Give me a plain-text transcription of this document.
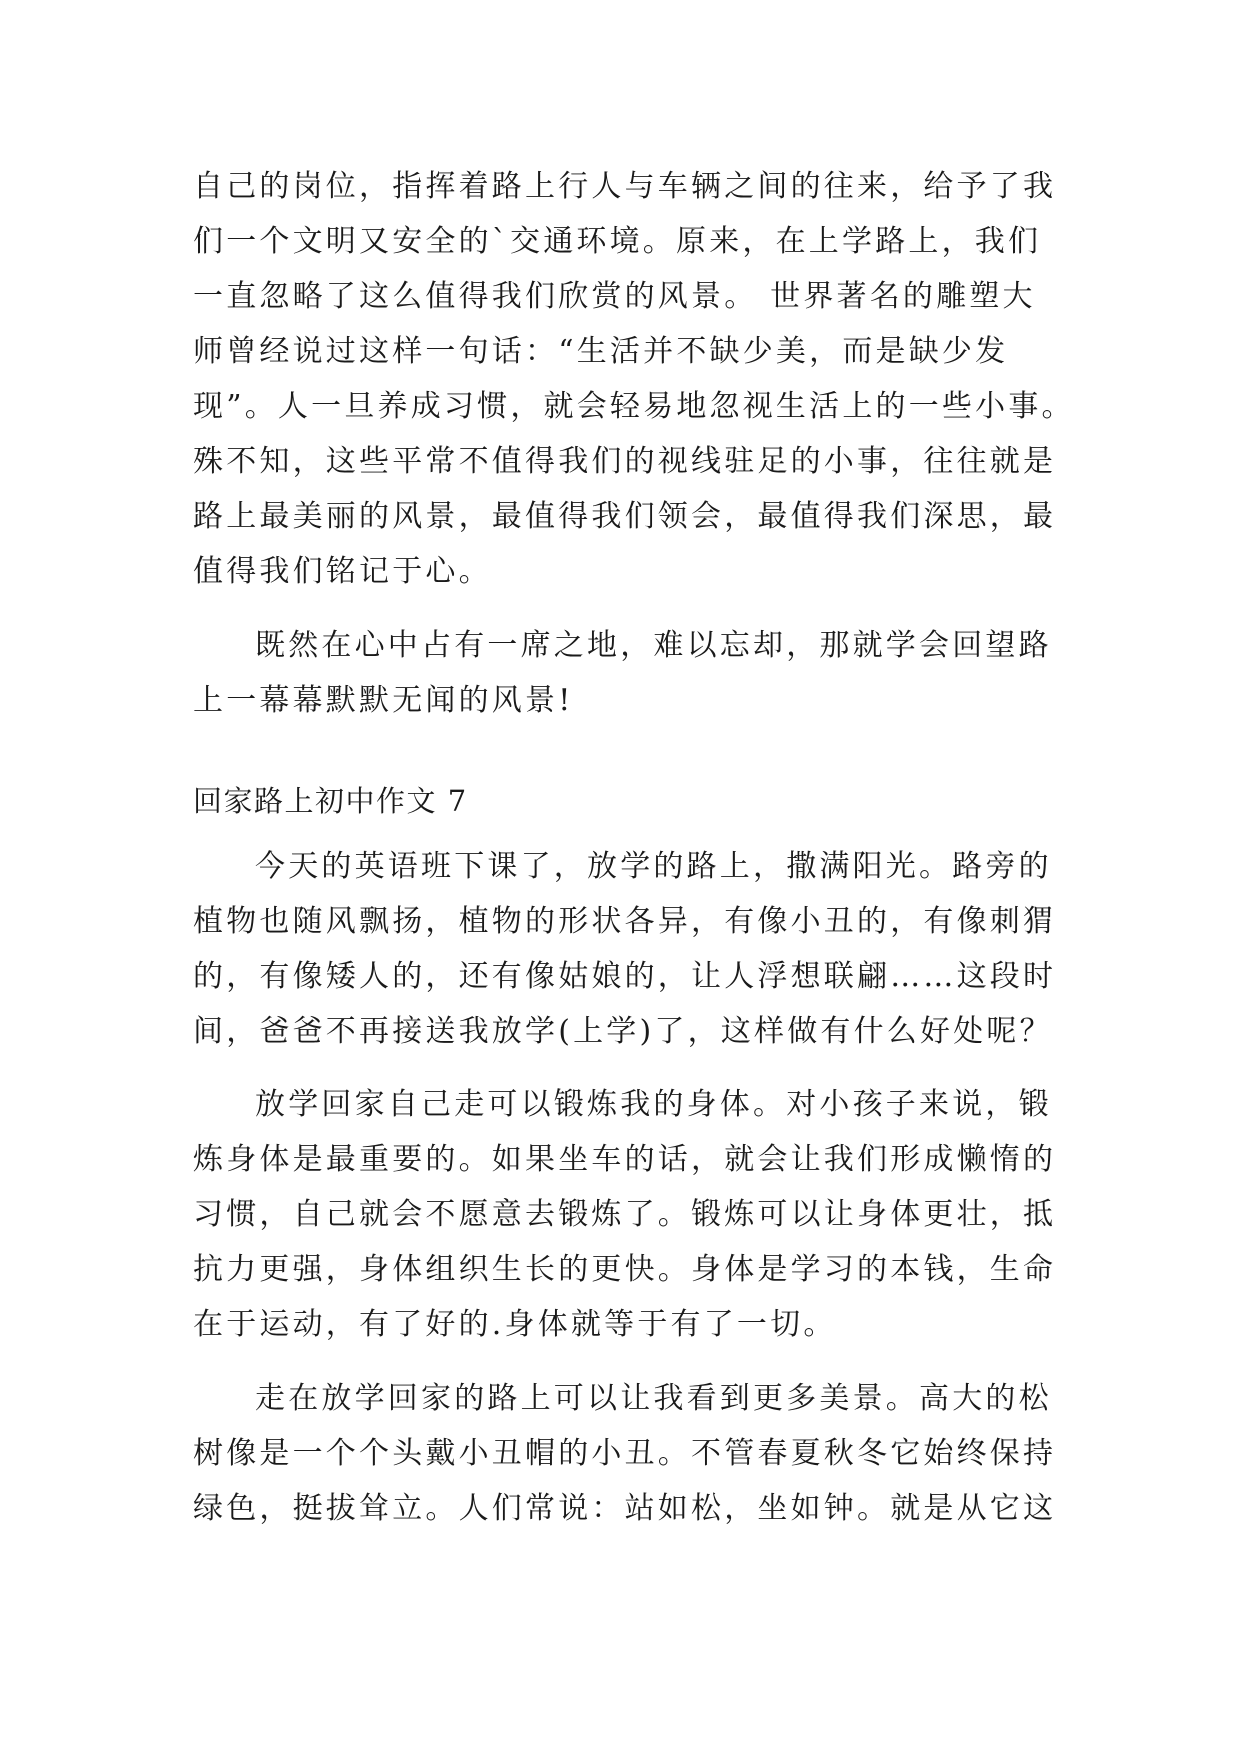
自己的岗位，指挥着路上行人与车辆之间的往来，给予了我
们一个文明又安全的`交通环境。原来，在上学路上，我们
一直忽略了这么值得我们欣赏的风景。 世界著名的雕塑大
师曾经说过这样一句话：“生活并不缺少美，而是缺少发
现”。人一旦养成习惯，就会轻易地忽视生活上的一些小事。
殊不知，这些平常不值得我们的视线驻足的小事，往往就是
路上最美丽的风景，最值得我们领会，最值得我们深思，最
值得我们铭记于心。
既然在心中占有一席之地，难以忘却，那就学会回望路
上一幕幕默默无闻的风景!
回家路上初中作文 7
今天的英语班下课了，放学的路上，撒满阳光。路旁的
植物也随风飘扬，植物的形状各异，有像小丑的，有像刺猬
的，有像矮人的，还有像姑娘的，让人浮想联翩……这段时
间，爸爸不再接送我放学(上学)了，这样做有什么好处呢？
放学回家自己走可以锻炼我的身体。对小孩子来说，锻
炼身体是最重要的。如果坐车的话，就会让我们形成懒惰的
习惯，自己就会不愿意去锻炼了。锻炼可以让身体更壮，抵
抗力更强，身体组织生长的更快。身体是学习的本钱，生命
在于运动，有了好的.身体就等于有了一切。
走在放学回家的路上可以让我看到更多美景。高大的松
树像是一个个头戴小丑帽的小丑。不管春夏秋冬它始终保持
绿色，挺拔耸立。人们常说：站如松，坐如钟。就是从它这
